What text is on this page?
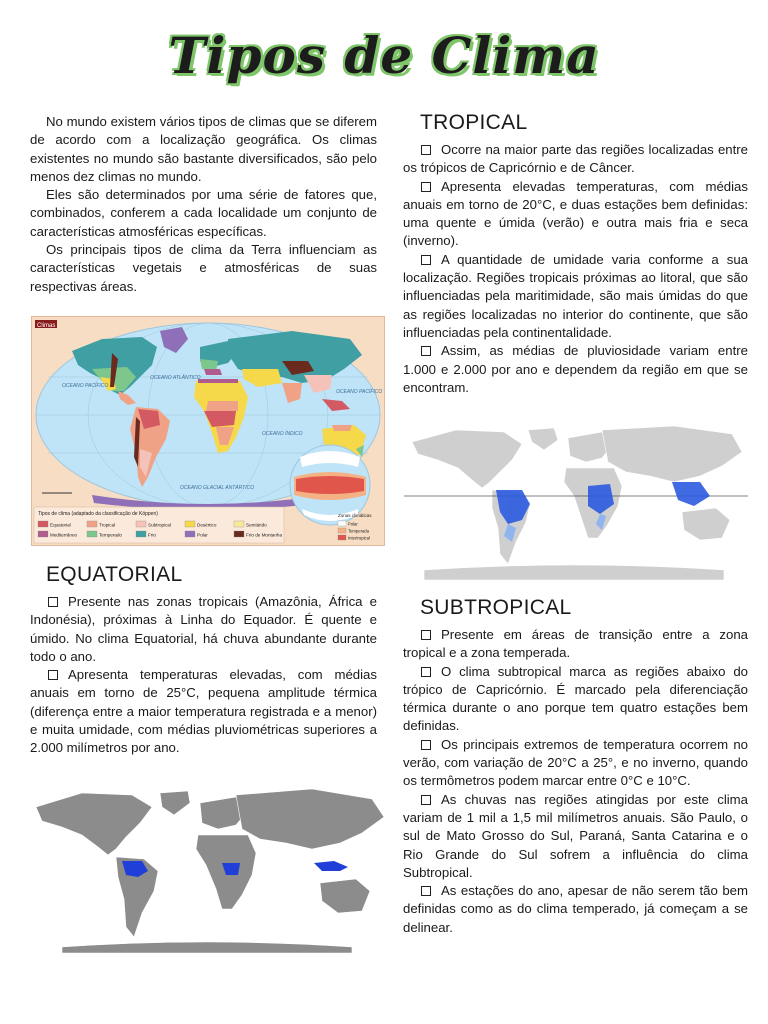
Tipos de Clima

No mundo existem vários tipos de climas que se diferem de acordo com a localização geográfica. Os climas existentes no mundo são bastante diversificados, são pelo menos dez climas no mundo.

Eles são determinados por uma série de fatores que, combinados, conferem a cada localidade um conjunto de características atmosféricas específicas.

Os principais tipos de clima da Terra influenciam as características vegetais e atmosféricas de suas respectivas áreas.

Climas
OCEANO ATLÂNTICO
OCEANO PACÍFICO
OCEANO ÍNDICO
OCEANO PACÍFICO
OCEANO GLACIAL ANTÁRTICO
Tipos de clima (adaptado da classificação de Köppen)
Equatorial	Tropical	Subtropical	Desértico	Semiárido
Mediterrâneo	Temperado	Frio	Polar	Frio de Montanha
Zonas climáticas
Polar
Temperada
Intertropical
EQUATORIAL

Presente nas zonas tropicais (Amazônia, África e Indonésia), próximas à Linha do Equador. É quente e úmido. No clima Equatorial, há chuva abundante durante todo o ano.

Apresenta temperaturas elevadas, com médias anuais em torno de 25°C, pequena amplitude térmica (diferença entre a maior temperatura registrada e a menor) e muita umidade, com médias pluviométricas superiores a 2.000 milímetros por ano.

TROPICAL

Ocorre na maior parte das regiões localizadas entre os trópicos de Capricórnio e de Câncer.

Apresenta elevadas temperaturas, com médias anuais em torno de 20°C, e duas estações bem definidas: uma quente e úmida (verão) e outra mais fria e seca (inverno).

A quantidade de umidade varia conforme a sua localização. Regiões tropicais próximas ao litoral, que são influenciadas pela maritimidade, são mais úmidas do que as regiões localizadas no interior do continente, que são influenciadas pela continentalidade.

Assim, as médias de pluviosidade variam entre 1.000 e 2.000 por ano e dependem da região em que se encontram.

SUBTROPICAL

Presente em áreas de transição entre a zona tropical e a zona temperada.

O clima subtropical marca as regiões abaixo do trópico de Capricórnio. É marcado pela diferenciação térmica durante o ano porque tem quatro estações bem definidas.

Os principais extremos de temperatura ocorrem no verão, com variação de 20°C a 25°, e no inverno, quando os termômetros podem marcar entre 0°C e 10°C.

As chuvas nas regiões atingidas por este clima variam de 1 mil a 1,5 mil milímetros anuais. São Paulo, o sul de Mato Grosso do Sul, Paraná, Santa Catarina e o Rio Grande do Sul sofrem a influência do clima Subtropical.

As estações do ano, apesar de não serem tão bem definidas como as do clima temperado, já começam a se delinear.
